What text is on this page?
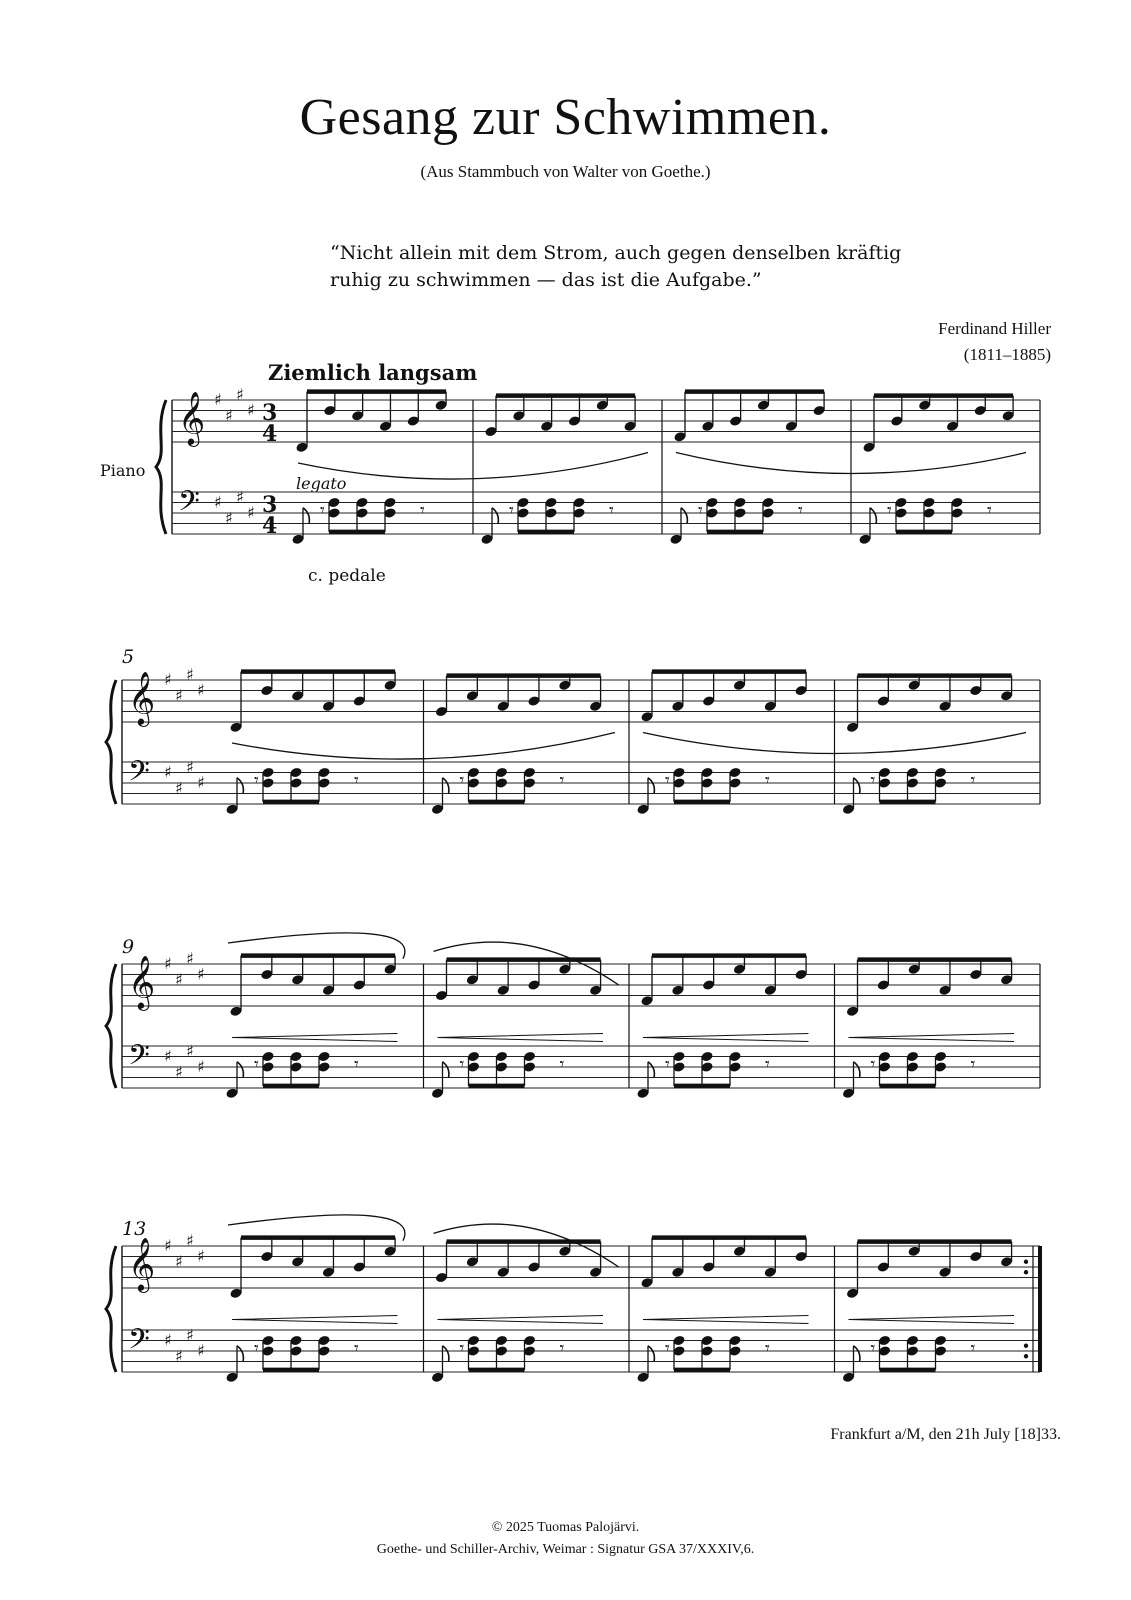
Gesang zur Schwimmen.
(Aus Stammbuch von Walter von Goethe.)
“Nicht allein mit dem Strom, auch gegen denselben kräftig
ruhig zu schwimmen — das ist die Aufgabe.”
Ferdinand Hiller
(1811–1885)
Ziemlich langsam
Piano
legato
c. pedale
5
9
13
𝄞 ♯
♯
♯
♯ 3
4
𝄢 ♯
♯
♯
♯ 3
4
𝄾	𝄾	𝄾	𝄾	𝄾	𝄾	𝄾	𝄾
𝄞 ♯
♯
♯
♯
𝄢 ♯
♯
♯
♯	𝄾	𝄾	𝄾	𝄾	𝄾	𝄾	𝄾	𝄾
𝄞 ♯
♯
♯
♯
𝄢 ♯
♯
♯
♯	𝄾	𝄾	𝄾	𝄾	𝄾	𝄾	𝄾	𝄾
𝄞 ♯
♯
♯
♯
𝄢 ♯
♯
♯
♯	𝄾	𝄾	𝄾	𝄾	𝄾	𝄾	𝄾	𝄾
Frankfurt a/M, den 21h July [18]33.
© 2025 Tuomas Palojärvi.
Goethe- und Schiller-Archiv, Weimar : Signatur GSA 37/XXXIV,6.
